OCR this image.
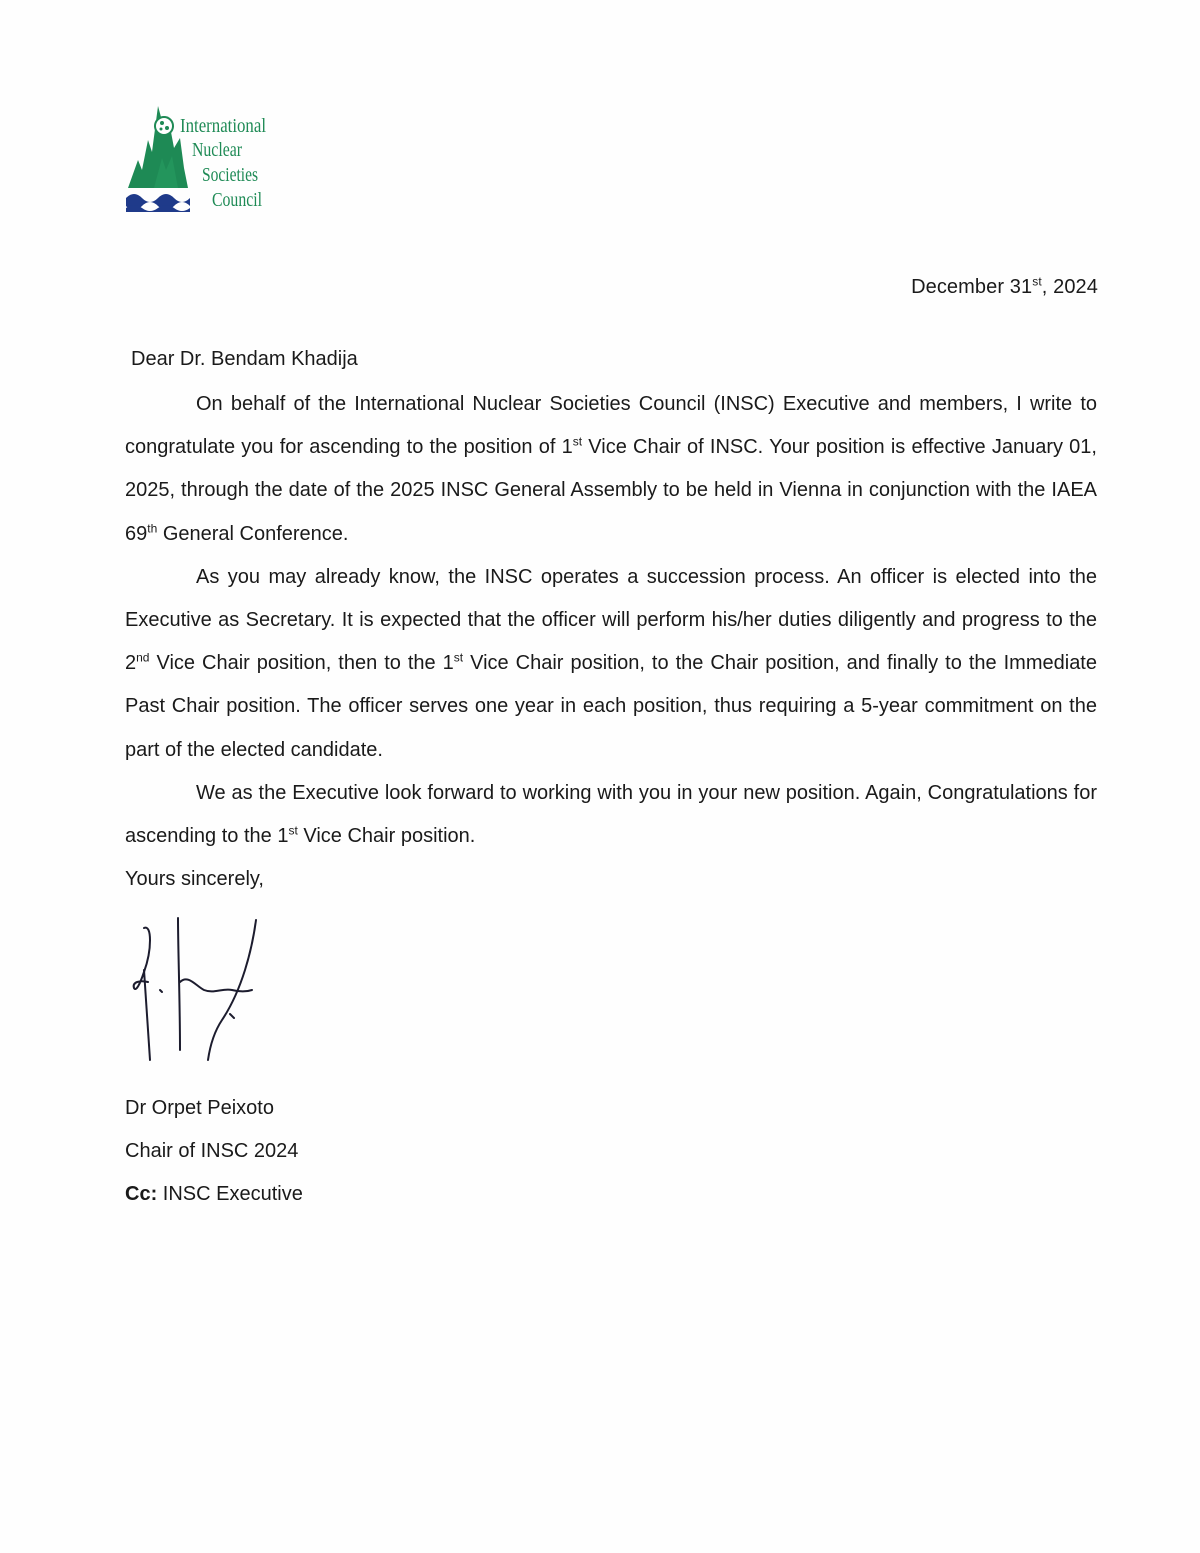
International
Nuclear
Societies
Council
December 31st, 2024
Dear Dr. Bendam Khadija

On behalf of the International Nuclear Societies Council (INSC) Executive and members, I write to congratulate you for ascending to the position of 1st Vice Chair of INSC. Your position is effective January 01, 2025, through the date of the 2025 INSC General Assembly to be held in Vienna in conjunction with the IAEA 69th General Conference.

As you may already know, the INSC operates a succession process. An officer is elected into the Executive as Secretary. It is expected that the officer will perform his/her duties diligently and progress to the 2nd Vice Chair position, then to the 1st Vice Chair position, to the Chair position, and finally to the Immediate Past Chair position. The officer serves one year in each position, thus requiring a 5-year commitment on the part of the elected candidate.

We as the Executive look forward to working with you in your new position. Again, Congratulations for ascending to the 1st Vice Chair position.

Yours sincerely,

Dr Orpet Peixoto
Chair of INSC 2024
Cc: INSC Executive
